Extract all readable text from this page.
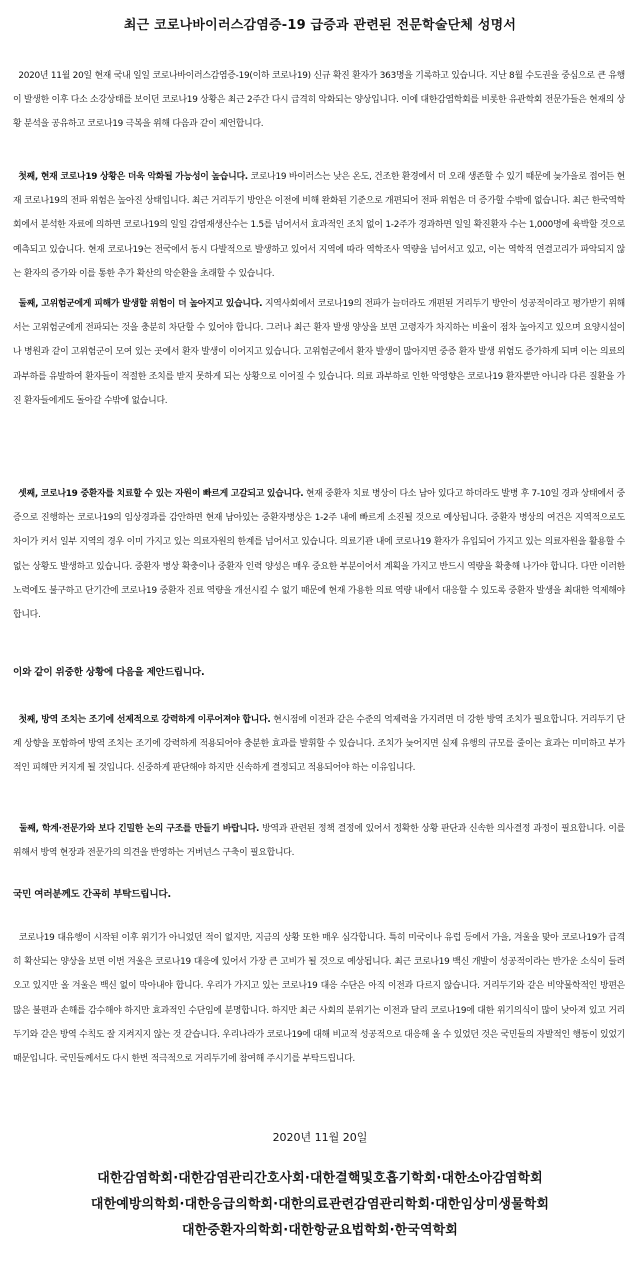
최근 코로나바이러스감염증-19 급증과 관련된 전문학술단체 성명서

2020년 11월 20일 현재 국내 일일 코로나바이러스감염증-19(이하 코로나19) 신규 확진 환자가 363명을 기록하고 있습니다. 지난 8월 수도권을 중심으로 큰 유행이 발생한 이후 다소 소강상태를 보이던 코로나19 상황은 최근 2주간 다시 급격히 악화되는 양상입니다. 이에 대한감염학회를 비롯한 유관학회 전문가들은 현재의 상황 분석을 공유하고 코로나19 극복을 위해 다음과 같이 제언합니다.

첫째, 현재 코로나19 상황은 더욱 악화될 가능성이 높습니다. 코로나19 바이러스는 낮은 온도, 건조한 환경에서 더 오래 생존할 수 있기 때문에 늦가을로 접어든 현재 코로나19의 전파 위험은 높아진 상태입니다. 최근 거리두기 방안은 이전에 비해 완화된 기준으로 개편되어 전파 위험은 더 증가할 수밖에 없습니다. 최근 한국역학회에서 분석한 자료에 의하면 코로나19의 일일 감염재생산수는 1.5를 넘어서서 효과적인 조치 없이 1-2주가 경과하면 일일 확진환자 수는 1,000명에 육박할 것으로 예측되고 있습니다. 현재 코로나19는 전국에서 동시 다발적으로 발생하고 있어서 지역에 따라 역학조사 역량을 넘어서고 있고, 이는 역학적 연결고리가 파악되지 않는 환자의 증가와 이를 통한 추가 확산의 악순환을 초래할 수 있습니다.

둘째, 고위험군에게 피해가 발생할 위험이 더 높아지고 있습니다. 지역사회에서 코로나19의 전파가 늘더라도 개편된 거리두기 방안이 성공적이라고 평가받기 위해서는 고위험군에게 전파되는 것을 충분히 차단할 수 있어야 합니다. 그러나 최근 환자 발생 양상을 보면 고령자가 차지하는 비율이 점차 높아지고 있으며 요양시설이나 병원과 같이 고위험군이 모여 있는 곳에서 환자 발생이 이어지고 있습니다. 고위험군에서 환자 발생이 많아지면 중증 환자 발생 위험도 증가하게 되며 이는 의료의 과부하를 유발하여 환자들이 적절한 조치를 받지 못하게 되는 상황으로 이어질 수 있습니다. 의료 과부하로 인한 악영향은 코로나19 환자뿐만 아니라 다른 질환을 가진 환자들에게도 돌아갈 수밖에 없습니다.

셋째, 코로나19 중환자를 치료할 수 있는 자원이 빠르게 고갈되고 있습니다. 현재 중환자 치료 병상이 다소 남아 있다고 하더라도 발병 후 7-10일 경과 상태에서 중증으로 진행하는 코로나19의 임상경과를 감안하면 현재 남아있는 중환자병상은 1-2주 내에 빠르게 소진될 것으로 예상됩니다. 중환자 병상의 여건은 지역적으로도 차이가 커서 일부 지역의 경우 이미 가지고 있는 의료자원의 한계를 넘어서고 있습니다. 의료기관 내에 코로나19 환자가 유입되어 가지고 있는 의료자원을 활용할 수 없는 상황도 발생하고 있습니다. 중환자 병상 확충이나 중환자 인력 양성은 매우 중요한 부분이어서 계획을 가지고 반드시 역량을 확충해 나가야 합니다. 다만 이러한 노력에도 불구하고 단기간에 코로나19 중환자 진료 역량을 개선시킬 수 없기 때문에 현재 가용한 의료 역량 내에서 대응할 수 있도록 중환자 발생을 최대한 억제해야 합니다.

이와 같이 위중한 상황에 다음을 제안드립니다.

첫째, 방역 조치는 조기에 선제적으로 강력하게 이루어져야 합니다. 현시점에 이전과 같은 수준의 억제력을 가지려면 더 강한 방역 조치가 필요합니다. 거리두기 단계 상향을 포함하여 방역 조치는 조기에 강력하게 적용되어야 충분한 효과를 발휘할 수 있습니다. 조치가 늦어지면 실제 유행의 규모를 줄이는 효과는 미미하고 부가적인 피해만 커지게 될 것입니다. 신중하게 판단해야 하지만 신속하게 결정되고 적용되어야 하는 이유입니다.

둘째, 학계·전문가와 보다 긴밀한 논의 구조를 만들기 바랍니다. 방역과 관련된 정책 결정에 있어서 정확한 상황 판단과 신속한 의사결정 과정이 필요합니다. 이를 위해서 방역 현장과 전문가의 의견을 반영하는 거버넌스 구축이 필요합니다.

국민 여러분께도 간곡히 부탁드립니다.

코로나19 대유행이 시작된 이후 위기가 아니었던 적이 없지만, 지금의 상황 또한 매우 심각합니다. 특히 미국이나 유럽 등에서 가을, 겨울을 맞아 코로나19가 급격히 확산되는 양상을 보면 이번 겨울은 코로나19 대응에 있어서 가장 큰 고비가 될 것으로 예상됩니다. 최근 코로나19 백신 개발이 성공적이라는 반가운 소식이 들려오고 있지만 올 겨울은 백신 없이 막아내야 합니다. 우리가 가지고 있는 코로나19 대응 수단은 아직 이전과 다르지 않습니다. 거리두기와 같은 비약물학적인 방편은 많은 불편과 손해를 감수해야 하지만 효과적인 수단임에 분명합니다. 하지만 최근 사회의 분위기는 이전과 달리 코로나19에 대한 위기의식이 많이 낮아져 있고 거리두기와 같은 방역 수칙도 잘 지켜지지 않는 것 같습니다. 우리나라가 코로나19에 대해 비교적 성공적으로 대응해 올 수 있었던 것은 국민들의 자발적인 행동이 있었기 때문입니다. 국민들께서도 다시 한번 적극적으로 거리두기에 참여해 주시기를 부탁드립니다.

2020년 11월 20일
대한감염학회·대한감염관리간호사회·대한결핵및호흡기학회·대한소아감염학회
대한예방의학회·대한응급의학회·대한의료관련감염관리학회·대한임상미생물학회
대한중환자의학회·대한항균요법학회·한국역학회
